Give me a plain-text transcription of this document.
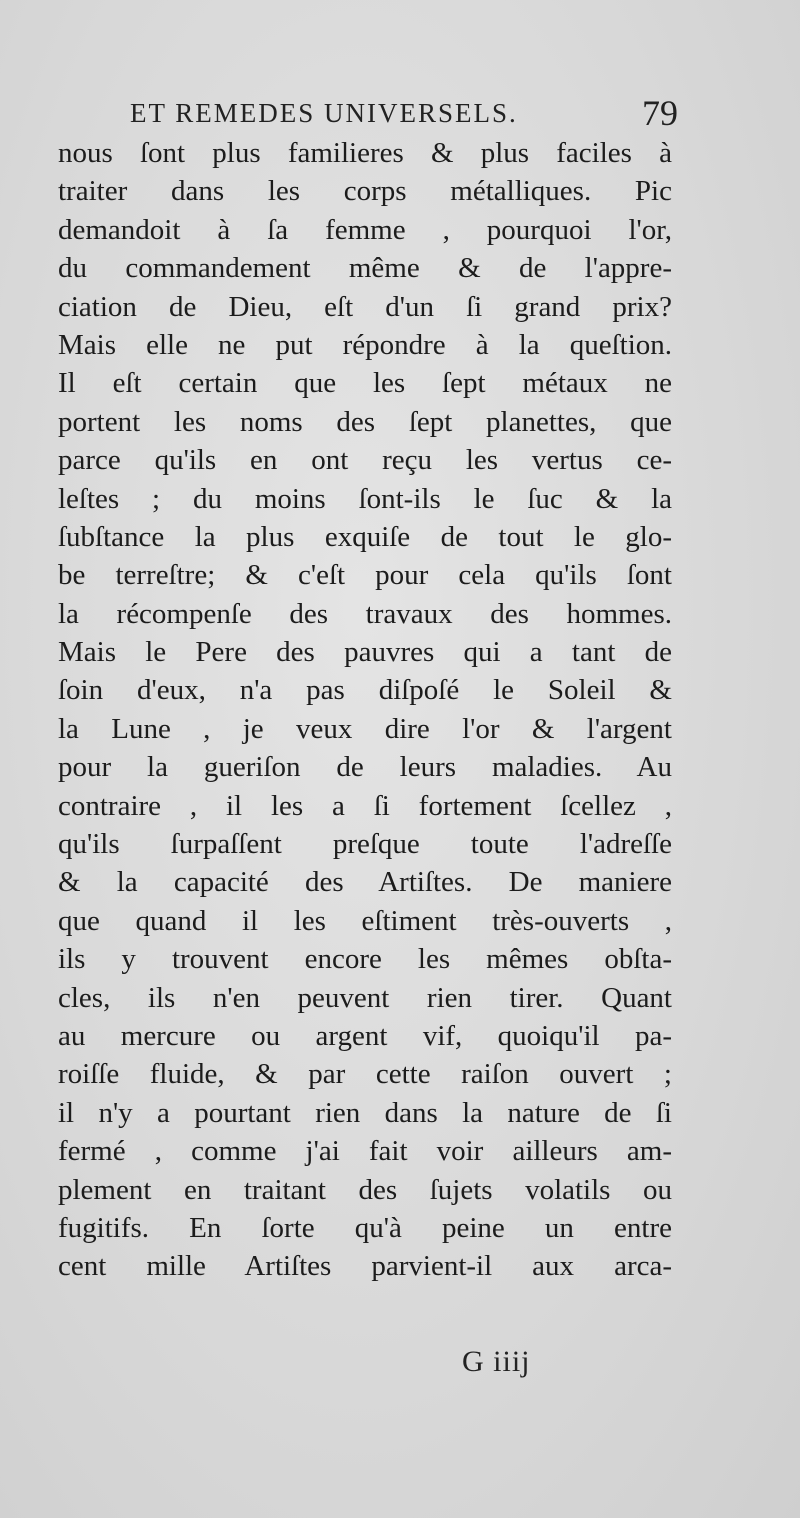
ET REMEDES UNIVERSELS.	79
nous ſont plus familieres & plus faciles à
traiter dans les corps métalliques. Pic
demandoit à ſa femme , pourquoi l'or,
du commandement même & de l'appre-
ciation de Dieu, eſt d'un ſi grand prix?
Mais elle ne put répondre à la queſtion.
Il eſt certain que les ſept métaux ne
portent les noms des ſept planettes, que
parce qu'ils en ont reçu les vertus ce-
leſtes ; du moins ſont-ils le ſuc & la
ſubſtance la plus exquiſe de tout le glo-
be terreſtre; & c'eſt pour cela qu'ils ſont
la récompenſe des travaux des hommes.
Mais le Pere des pauvres qui a tant de
ſoin d'eux, n'a pas diſpoſé le Soleil &
la Lune , je veux dire l'or & l'argent
pour la gueriſon de leurs maladies. Au
contraire , il les a ſi fortement ſcellez ,
qu'ils ſurpaſſent preſque toute l'adreſſe
& la capacité des Artiſtes. De maniere
que quand il les eſtiment très-ouverts ,
ils y trouvent encore les mêmes obſta-
cles, ils n'en peuvent rien tirer. Quant
au mercure ou argent vif, quoiqu'il pa-
roiſſe fluide, & par cette raiſon ouvert ;
il n'y a pourtant rien dans la nature de ſi
fermé , comme j'ai fait voir ailleurs am-
plement en traitant des ſujets volatils ou
fugitifs. En ſorte qu'à peine un entre
cent mille Artiſtes parvient-il aux arca-
G iiij
